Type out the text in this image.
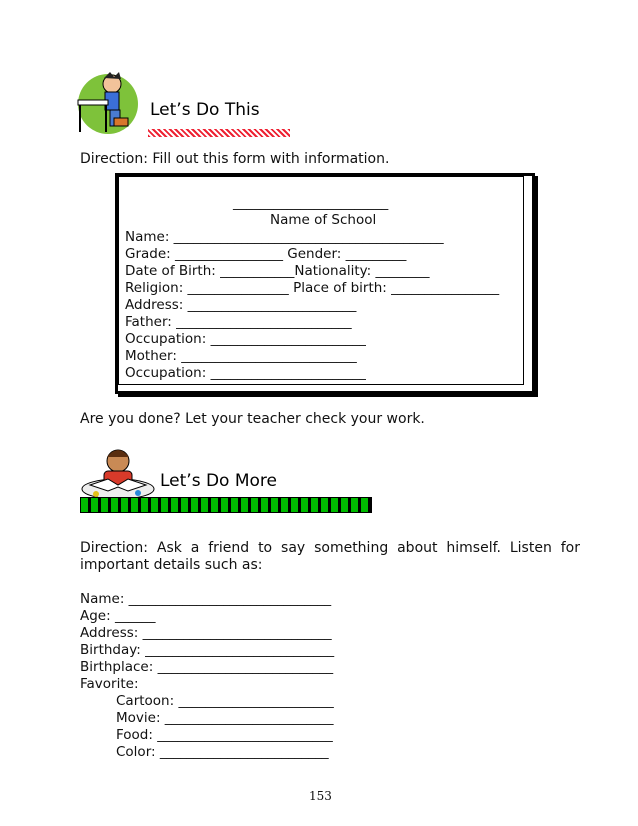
Let’s Do This
Direction: Fill out this form with information.
_______________________
Name of School
Name: ________________________________________
Grade: ________________ Gender: _________
Date of Birth: ___________Nationality: ________
Religion: _______________ Place of birth: ________________
Address: _________________________
Father: __________________________
Occupation: _______________________
Mother: __________________________
Occupation: _______________________
Are you done? Let your teacher check your work.
Let’s Do More
Direction:  Ask  a  friend  to  say  something  about  himself.  Listen  for
important details such as:
Name: ______________________________
Age: ______
Address: ____________________________
Birthday: ____________________________
Birthplace: __________________________
Favorite:
Cartoon: _______________________
Movie: _________________________
Food: __________________________
Color: _________________________
153
